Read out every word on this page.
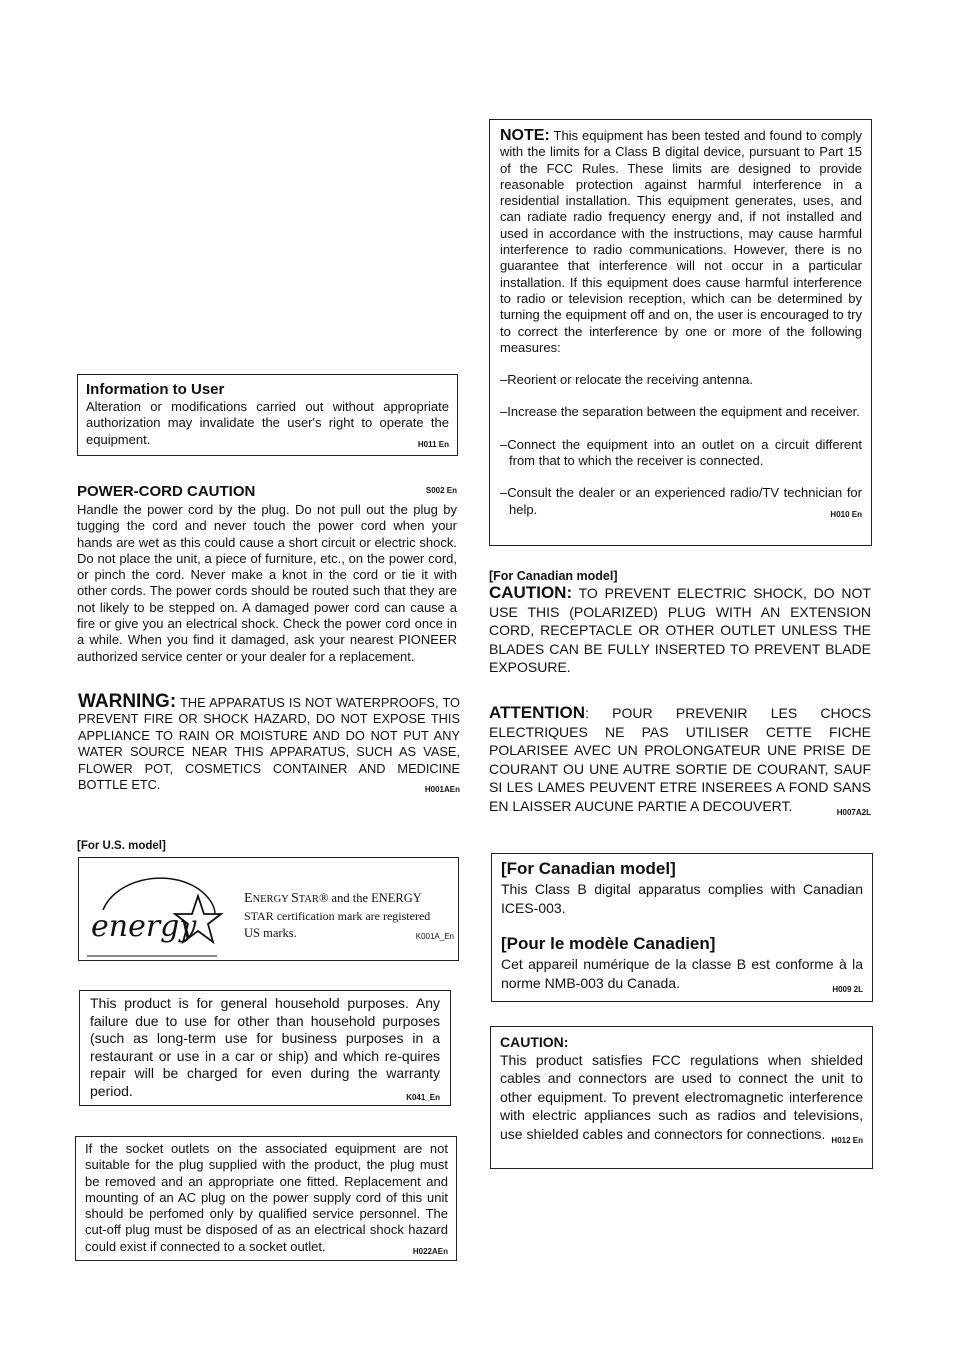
NOTE: This equipment has been tested and found to comply with the limits for a Class B digital device, pursuant to Part 15 of the FCC Rules. These limits are designed to provide reasonable protection against harmful interference in a residential installation. This equipment generates, uses, and can radiate radio frequency energy and, if not installed and used in accordance with the instructions, may cause harmful interference to radio communications. However, there is no guarantee that interference will not occur in a particular installation. If this equipment does cause harmful interference to radio or television reception, which can be determined by turning the equipment off and on, the user is encouraged to try to correct the interference by one or more of the following measures:

–Reorient or relocate the receiving antenna.

–Increase the separation between the equipment and receiver.

–Connect the equipment into an outlet on a circuit different from that to which the receiver is connected.

–Consult the dealer or an experienced radio/TV technician for help.	H010 En

Information to User

Alteration or modifications carried out without appropriate authorization may invalidate the user's right to operate the equipment.	H011 En

POWER-CORD CAUTION	S002 En

Handle the power cord by the plug. Do not pull out the plug by tugging the cord and never touch the power cord when your hands are wet as this could cause a short circuit or electric shock. Do not place the unit, a piece of furniture, etc., on the power cord, or pinch the cord. Never make a knot in the cord or tie it with other cords. The power cords should be routed such that they are not likely to be stepped on. A damaged power cord can cause a fire or give you an electrical shock. Check the power cord once in a while. When you find it damaged, ask your nearest PIONEER authorized service center or your dealer for a replacement.

WARNING: THE APPARATUS IS NOT WATERPROOFS, TO PREVENT FIRE OR SHOCK HAZARD, DO NOT EXPOSE THIS APPLIANCE TO RAIN OR MOISTURE AND DO NOT PUT ANY WATER SOURCE NEAR THIS APPARATUS, SUCH AS VASE, FLOWER POT, COSMETICS CONTAINER AND MEDICINE BOTTLE ETC.	H001AEn

[For Canadian model]

CAUTION: TO PREVENT ELECTRIC SHOCK, DO NOT USE THIS (POLARIZED) PLUG WITH AN EXTENSION CORD, RECEPTACLE OR OTHER OUTLET UNLESS THE BLADES CAN BE FULLY INSERTED TO PREVENT BLADE EXPOSURE.

ATTENTION: POUR PREVENIR LES CHOCS ELECTRIQUES NE PAS UTILISER CETTE FICHE POLARISEE AVEC UN PROLONGATEUR UNE PRISE DE COURANT OU UNE AUTRE SORTIE DE COURANT, SAUF SI LES LAMES PEUVENT ETRE INSEREES A FOND SANS EN LAISSER AUCUNE PARTIE A DECOUVERT.	H007A2L

[For U.S. model]
energy
ENERGY STAR® and the ENERGY
STAR certification mark are registered
US marks.	K001A_En

This product is for general household purposes. Any failure due to use for other than household purposes (such as long-term use for business purposes in a restaurant or use in a car or ship) and which re-quires repair will be charged for even during the warranty period.	K041_En

[For Canadian model]

This Class B digital apparatus complies with Canadian ICES-003.

[Pour le modèle Canadien]

Cet appareil numérique de la classe B est conforme à la norme NMB-003 du Canada.	H009 2L

CAUTION:

This product satisfies FCC regulations when shielded cables and connectors are used to connect the unit to other equipment. To prevent electromagnetic interference with electric appliances such as radios and televisions, use shielded cables and connectors for connections. H012 En

If the socket outlets on the associated equipment are not suitable for the plug supplied with the product, the plug must be removed and an appropriate one fitted. Replacement and mounting of an AC plug on the power supply cord of this unit should be perfomed only by qualified service personnel. The cut-off plug must be disposed of as an electrical shock hazard could exist if connected to a socket outlet.	H022AEn
